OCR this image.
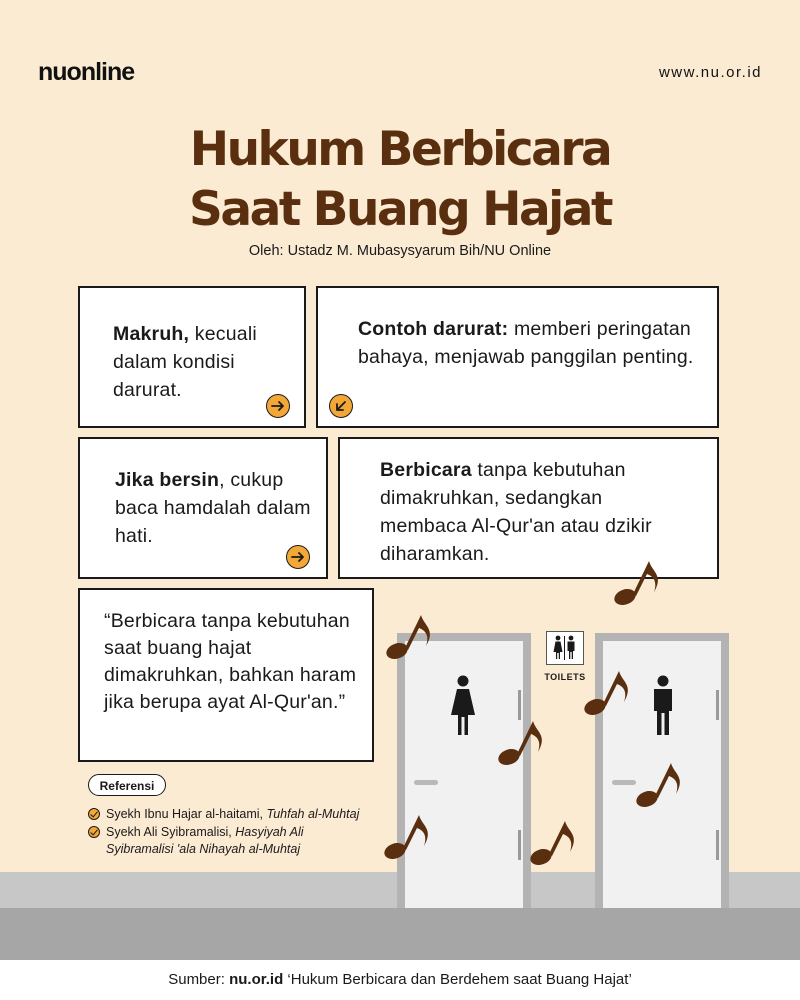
nuonline	www.nu.or.id
Hukum Berbicara
Saat Buang Hajat
Oleh: Ustadz M. Mubasysyarum Bih/NU Online

Makruh, kecuali dalam kondisi darurat.

Contoh darurat: memberi peringatan bahaya, menjawab panggilan penting.

Jika bersin, cukup baca hamdalah dalam hati.

Berbicara tanpa kebutuhan dimakruhkan, sedangkan membaca Al-Qur'an atau dzikir diharamkan.

TOILETS

“Berbicara tanpa kebutuhan saat buang hajat dimakruhkan, bahkan haram jika berupa ayat Al-Qur'an.”

Referensi
Syekh Ibnu Hajar al-haitami, Tuhfah al-Muhtaj
Syekh Ali Syibramalisi, Hasyiyah Ali Syibramalisi 'ala Nihayah al-Muhtaj
Sumber: nu.or.id ‘Hukum Berbicara dan Berdehem saat Buang Hajat’
